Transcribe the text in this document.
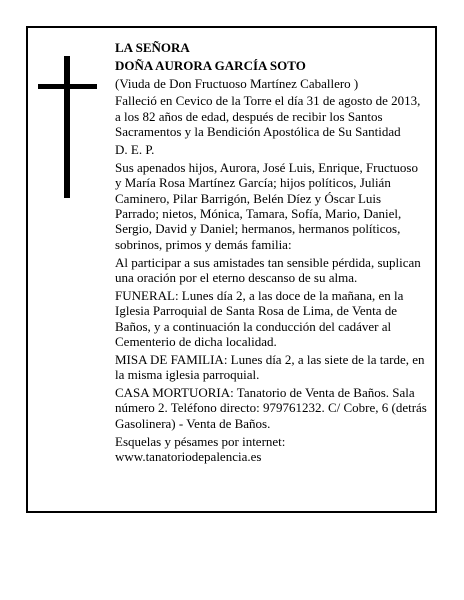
LA SEÑORA

DOÑA AURORA GARCÍA SOTO

(Viuda de Don Fructuoso Martínez Caballero )

Falleció en Cevico de la Torre el día 31 de agosto de 2013, a los 82 años de edad, después de recibir los Santos Sacramentos y la Bendición Apostólica de Su Santidad

D. E. P.

Sus apenados hijos, Aurora, José Luis, Enrique, Fructuoso y María Rosa Martínez García; hijos políticos, Julián Caminero, Pilar Barrigón, Belén Díez y Óscar Luis Parrado; nietos, Mónica, Tamara, Sofía, Mario, Daniel, Sergio, David y Daniel; hermanos, hermanos políticos, sobrinos, primos y demás familia:

Al participar a sus amistades tan sensible pérdida, suplican una oración por el eterno descanso de su alma.

FUNERAL: Lunes día 2, a las doce de la mañana, en la Iglesia Parroquial de Santa Rosa de Lima, de Venta de Baños, y a continuación la conducción del cadáver al Cementerio de dicha localidad.

MISA DE FAMILIA: Lunes día 2, a las siete de la tarde, en la misma iglesia parroquial.

CASA MORTUORIA: Tanatorio de Venta de Baños. Sala número 2. Teléfono directo: 979761232. C/ Cobre, 6 (detrás Gasolinera) - Venta de Baños.

Esquelas y pésames por internet:

www.tanatoriodepalencia.es
